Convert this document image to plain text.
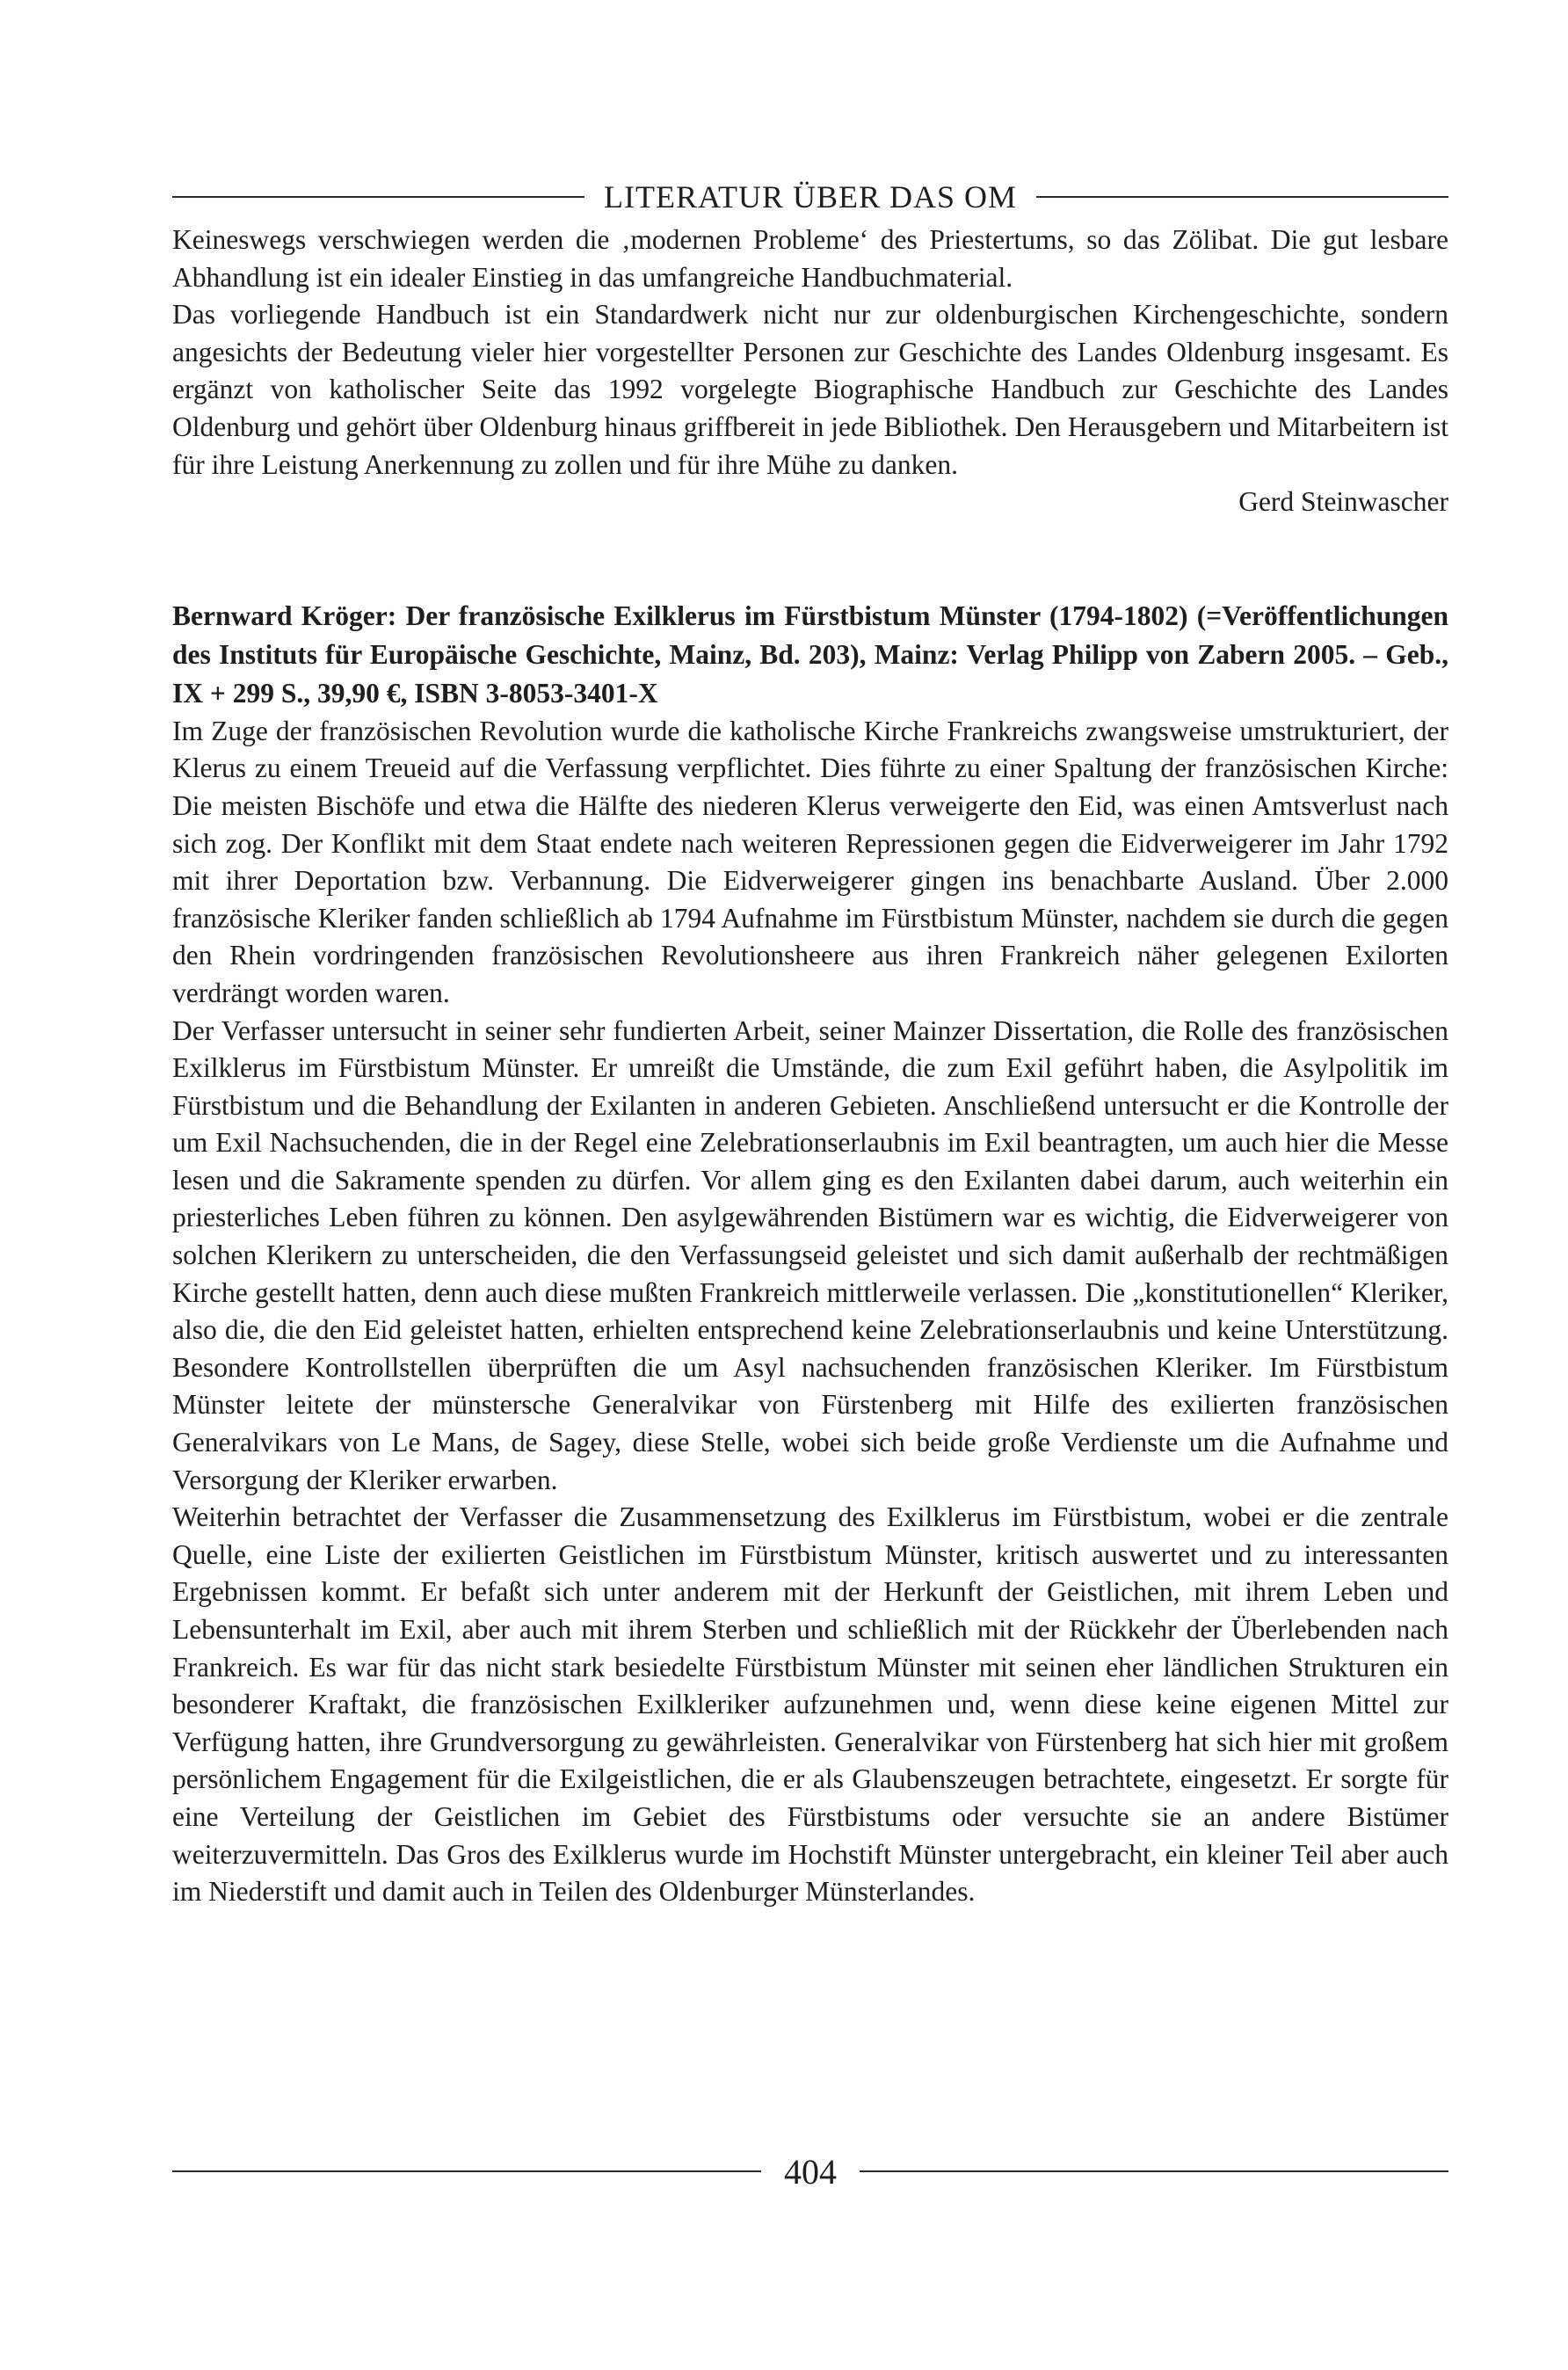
LITERATUR ÜBER DAS OM

Keineswegs verschwiegen werden die ‚modernen Probleme‘ des Priestertums, so das Zölibat. Die gut lesbare Abhandlung ist ein idealer Einstieg in das umfangreiche Handbuchmaterial.

Das vorliegende Handbuch ist ein Standardwerk nicht nur zur oldenburgischen Kirchengeschichte, sondern angesichts der Bedeutung vieler hier vorgestellter Personen zur Geschichte des Landes Oldenburg insgesamt. Es ergänzt von katholischer Seite das 1992 vorgelegte Biographische Handbuch zur Geschichte des Landes Oldenburg und gehört über Oldenburg hinaus griffbereit in jede Bibliothek. Den Herausgebern und Mitarbeitern ist für ihre Leistung Anerkennung zu zollen und für ihre Mühe zu danken.

Gerd Steinwascher

Bernward Kröger: Der französische Exilklerus im Fürstbistum Münster (1794-1802) (=Veröffentlichungen des Instituts für Europäische Geschichte, Mainz, Bd. 203), Mainz: Verlag Philipp von Zabern 2005. – Geb., IX + 299 S., 39,90 €, ISBN 3-8053-3401-X

Im Zuge der französischen Revolution wurde die katholische Kirche Frankreichs zwangsweise umstrukturiert, der Klerus zu einem Treueid auf die Verfassung verpflichtet. Dies führte zu einer Spaltung der französischen Kirche: Die meisten Bischöfe und etwa die Hälfte des niederen Klerus verweigerte den Eid, was einen Amtsverlust nach sich zog. Der Konflikt mit dem Staat endete nach weiteren Repressionen gegen die Eidverweigerer im Jahr 1792 mit ihrer Deportation bzw. Verbannung. Die Eidverweigerer gingen ins benachbarte Ausland. Über 2.000 französische Kleriker fanden schließlich ab 1794 Aufnahme im Fürstbistum Münster, nachdem sie durch die gegen den Rhein vordringenden französischen Revolutionsheere aus ihren Frankreich näher gelegenen Exilorten verdrängt worden waren.

Der Verfasser untersucht in seiner sehr fundierten Arbeit, seiner Mainzer Dissertation, die Rolle des französischen Exilklerus im Fürstbistum Münster. Er umreißt die Umstände, die zum Exil geführt haben, die Asylpolitik im Fürstbistum und die Behandlung der Exilanten in anderen Gebieten. Anschließend untersucht er die Kontrolle der um Exil Nachsuchenden, die in der Regel eine Zelebrationserlaubnis im Exil beantragten, um auch hier die Messe lesen und die Sakramente spenden zu dürfen. Vor allem ging es den Exilanten dabei darum, auch weiterhin ein priesterliches Leben führen zu können. Den asylgewährenden Bistümern war es wichtig, die Eidverweigerer von solchen Klerikern zu unterscheiden, die den Verfassungseid geleistet und sich damit außerhalb der rechtmäßigen Kirche gestellt hatten, denn auch diese mußten Frankreich mittlerweile verlassen. Die „konstitutionellen“ Kleriker, also die, die den Eid geleistet hatten, erhielten entsprechend keine Zelebrationserlaubnis und keine Unterstützung. Besondere Kontrollstellen überprüften die um Asyl nachsuchenden französischen Kleriker. Im Fürstbistum Münster leitete der münstersche Generalvikar von Fürstenberg mit Hilfe des exilierten französischen Generalvikars von Le Mans, de Sagey, diese Stelle, wobei sich beide große Verdienste um die Aufnahme und Versorgung der Kleriker erwarben.

Weiterhin betrachtet der Verfasser die Zusammensetzung des Exilklerus im Fürstbistum, wobei er die zentrale Quelle, eine Liste der exilierten Geistlichen im Fürstbistum Münster, kritisch auswertet und zu interessanten Ergebnissen kommt. Er befaßt sich unter anderem mit der Herkunft der Geistlichen, mit ihrem Leben und Lebensunterhalt im Exil, aber auch mit ihrem Sterben und schließlich mit der Rückkehr der Überlebenden nach Frankreich. Es war für das nicht stark besiedelte Fürstbistum Münster mit seinen eher ländlichen Strukturen ein besonderer Kraftakt, die französischen Exilkleriker aufzunehmen und, wenn diese keine eigenen Mittel zur Verfügung hatten, ihre Grundversorgung zu gewährleisten. Generalvikar von Fürstenberg hat sich hier mit großem persönlichem Engagement für die Exilgeistlichen, die er als Glaubenszeugen betrachtete, eingesetzt. Er sorgte für eine Verteilung der Geistlichen im Gebiet des Fürstbistums oder versuchte sie an andere Bistümer weiterzuvermitteln. Das Gros des Exilklerus wurde im Hochstift Münster untergebracht, ein kleiner Teil aber auch im Niederstift und damit auch in Teilen des Oldenburger Münsterlandes.

404
